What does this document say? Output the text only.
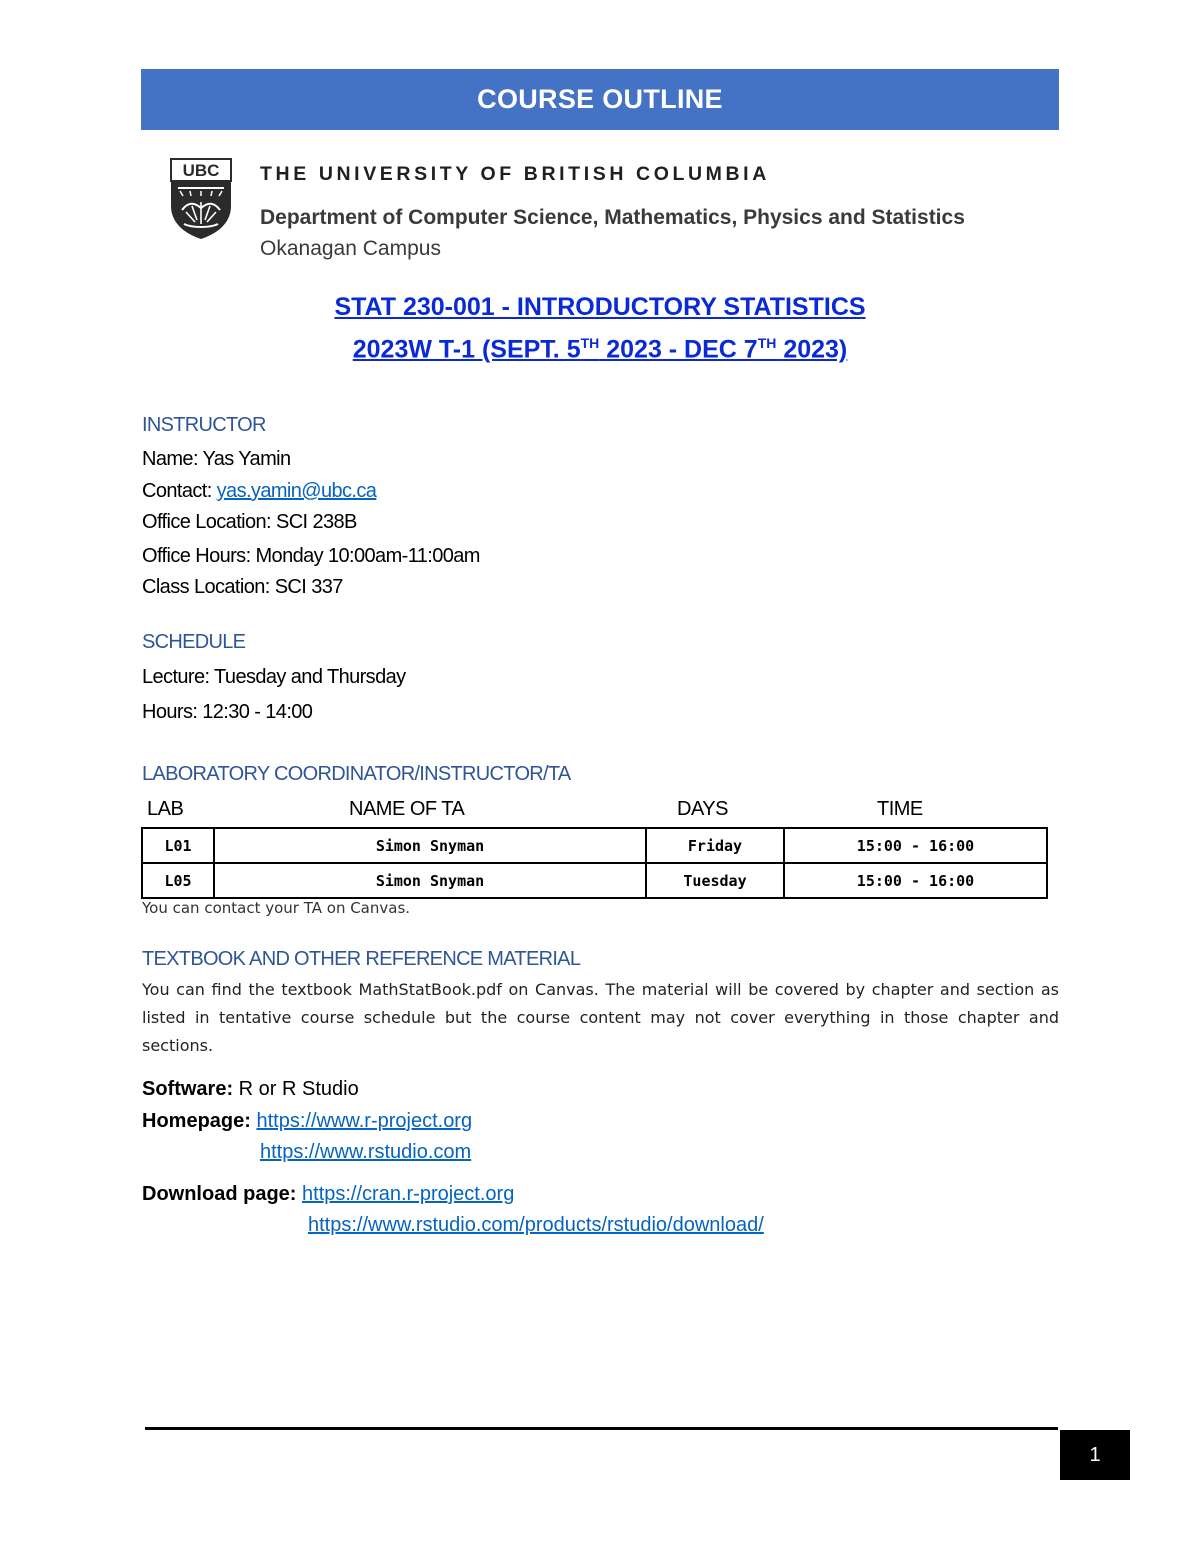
COURSE OUTLINE
UBC THE UNIVERSITY OF BRITISH COLUMBIA
Department of Computer Science, Mathematics, Physics and Statistics
Okanagan Campus
STAT 230-001 - INTRODUCTORY STATISTICS
2023W T-1 (SEPT. 5TH 2023 - DEC 7TH 2023)
INSTRUCTOR
Name: Yas Yamin
Contact: yas.yamin@ubc.ca
Office Location: SCI 238B
Office Hours: Monday 10:00am-11:00am
Class Location: SCI 337
SCHEDULE
Lecture: Tuesday and Thursday
Hours: 12:30 - 14:00
LABORATORY COORDINATOR/INSTRUCTOR/TA
LAB	NAME OF TA	DAYS	TIME
L01	Simon Snyman	Friday	15:00 - 16:00
L05	Simon Snyman	Tuesday	15:00 - 16:00
You can contact your TA on Canvas.
TEXTBOOK AND OTHER REFERENCE MATERIAL
You can find the textbook MathStatBook.pdf on Canvas. The material will be covered by chapter and section as listed in tentative course schedule but the course content may not cover everything in those chapter and sections.
Software: R or R Studio
Homepage: https://www.r-project.org
https://www.rstudio.com
Download page: https://cran.r-project.org
https://www.rstudio.com/products/rstudio/download/
1
